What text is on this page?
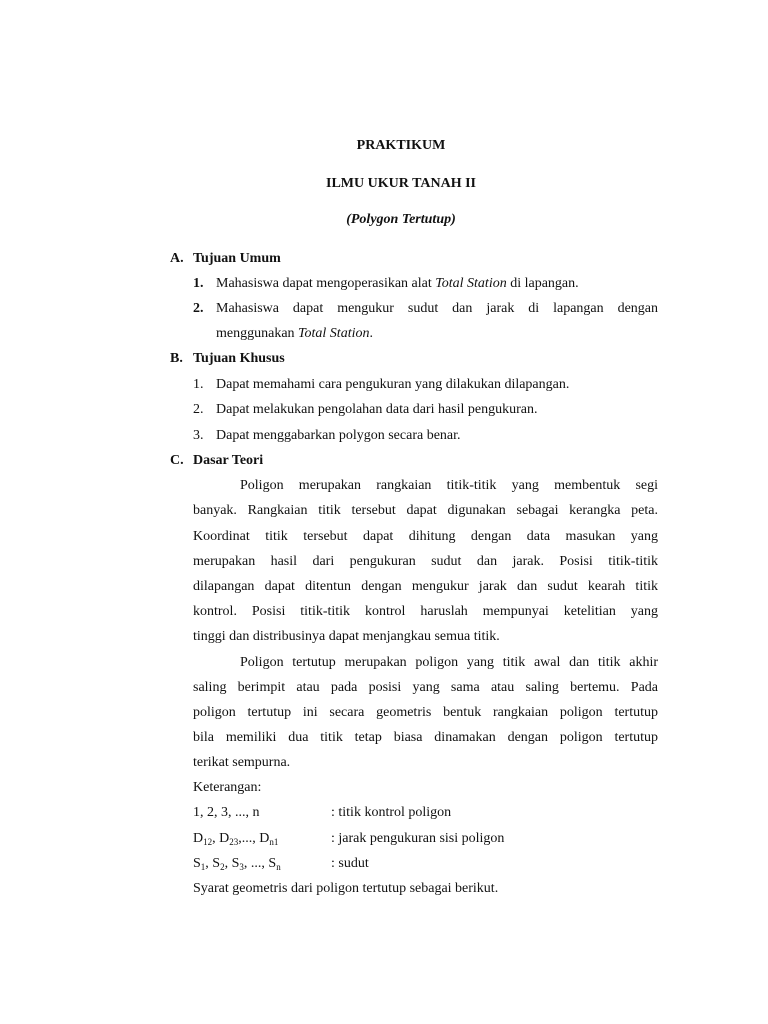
PRAKTIKUM
ILMU UKUR TANAH II
(Polygon Tertutup)
A. Tujuan Umum
1. Mahasiswa dapat mengoperasikan alat Total Station di lapangan.
2. Mahasiswa dapat mengukur sudut dan jarak di lapangan dengan
menggunakan Total Station.
B. Tujuan Khusus
1. Dapat memahami cara pengukuran yang dilakukan dilapangan.
2. Dapat melakukan pengolahan data dari hasil pengukuran.
3. Dapat menggabarkan polygon secara benar.
C. Dasar Teori
Poligon merupakan rangkaian titik-titik yang membentuk segi
banyak. Rangkaian titik tersebut dapat digunakan sebagai kerangka peta.
Koordinat titik tersebut dapat dihitung dengan data masukan yang
merupakan hasil dari pengukuran sudut dan jarak. Posisi titik-titik
dilapangan dapat ditentun dengan mengukur jarak dan sudut kearah titik
kontrol. Posisi titik-titik kontrol haruslah mempunyai ketelitian yang
tinggi dan distribusinya dapat menjangkau semua titik.
Poligon tertutup merupakan poligon yang titik awal dan titik akhir
saling berimpit atau pada posisi yang sama atau saling bertemu. Pada
poligon tertutup ini secara geometris bentuk rangkaian poligon tertutup
bila memiliki dua titik tetap biasa dinamakan dengan poligon tertutup
terikat sempurna.
Keterangan:
1, 2, 3, ..., n	: titik kontrol poligon
$D_{12}$, $D_{23}$,..., $D_{n1}$	: jarak pengukuran sisi poligon
$S_1$, $S_2$, $S_3$, ..., $S_n$	: sudut
Syarat geometris dari poligon tertutup sebagai berikut.
